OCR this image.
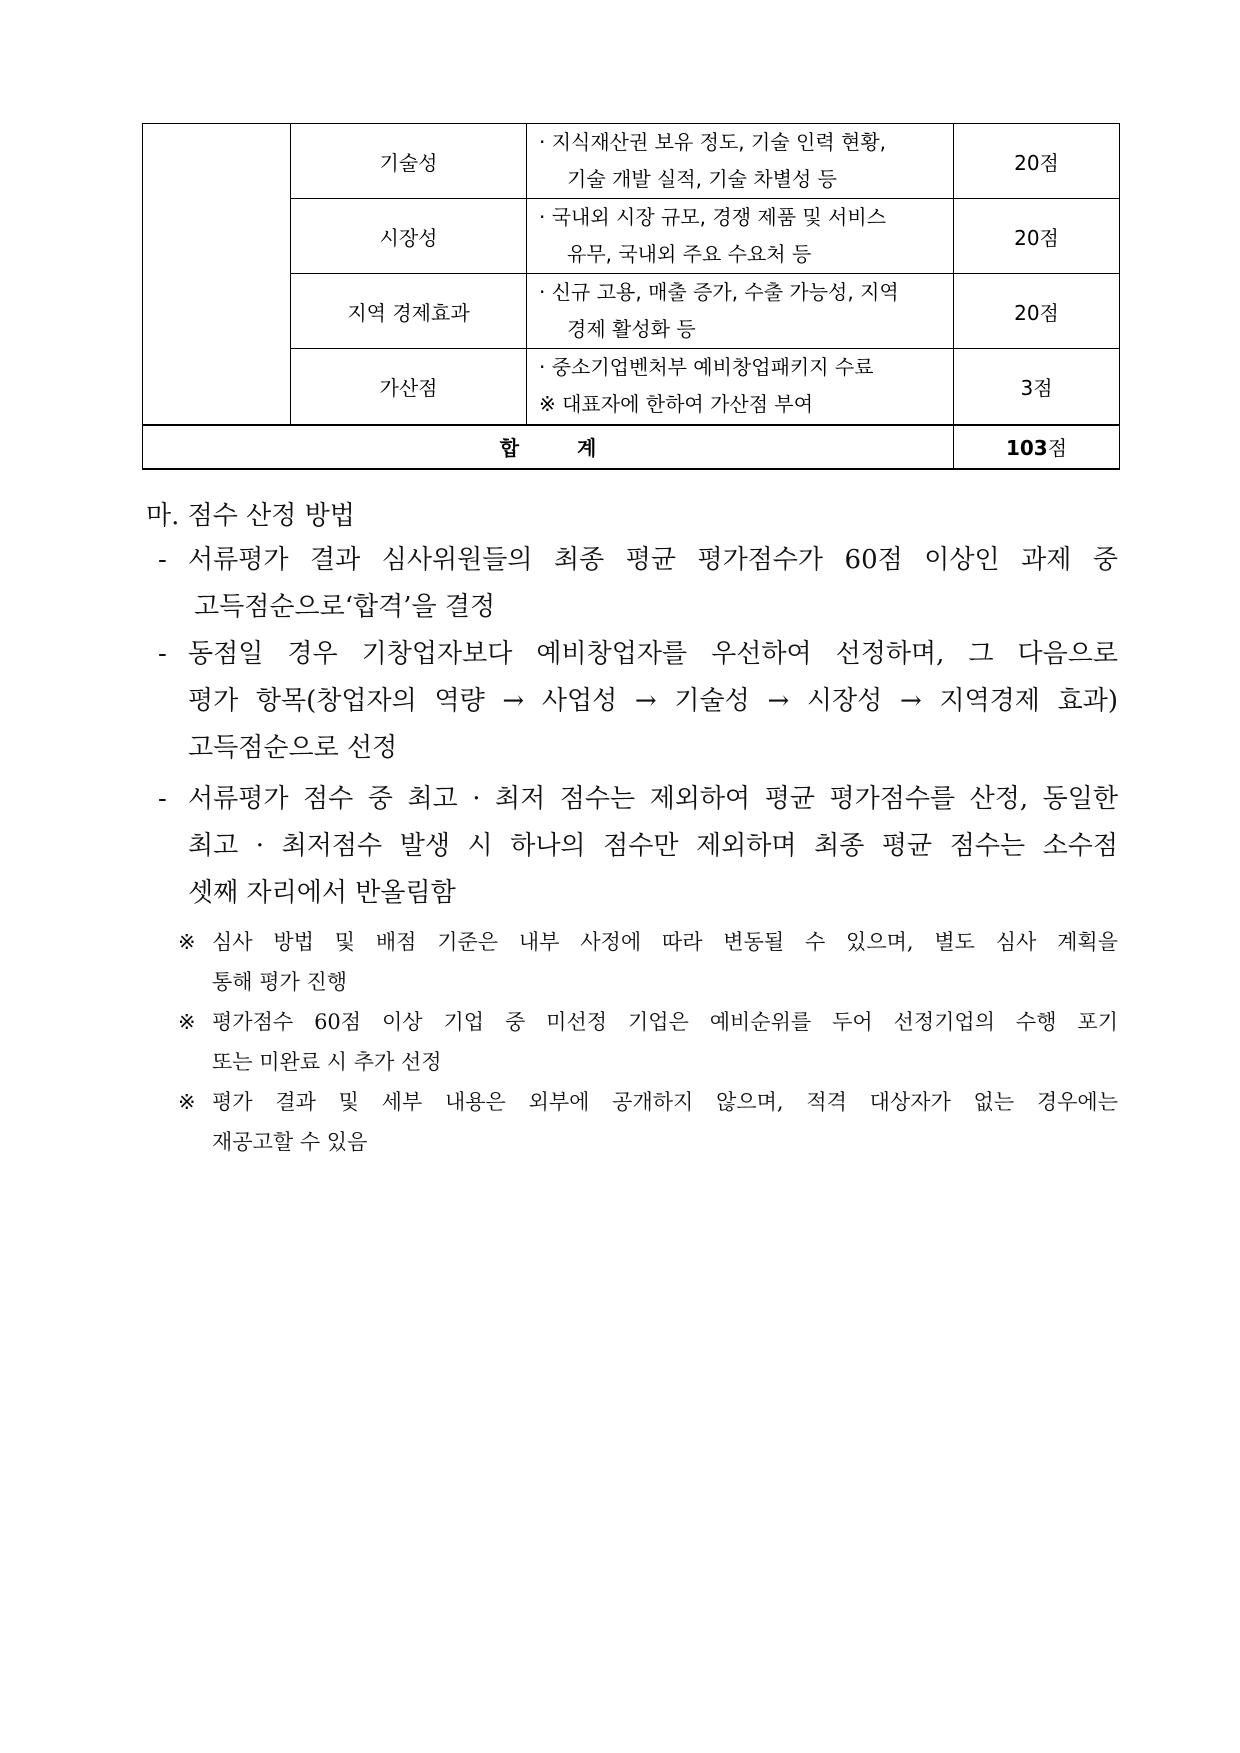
	기술성	· 지식재산권 보유 정도, 기술 인력 현황,
기술 개발 실적, 기술 차별성 등	20점
	시장성	· 국내외 시장 규모, 경쟁 제품 및 서비스
유무, 국내외 주요 수요처 등	20점
	지역 경제효과	· 신규 고용, 매출 증가, 수출 가능성, 지역
경제 활성화 등	20점
	가산점	· 중소기업벤처부 예비창업패키지 수료
※ 대표자에 한하여 가산점 부여	3점
합 계			103점
마. 점수 산정 방법
- 서류평가 결과 심사위원들의 최종 평균 평가점수가 60점 이상인 과제 중
고득점순으로‘합격’을 결정
- 동점일 경우 기창업자보다 예비창업자를 우선하여 선정하며, 그 다음으로
평가 항목(창업자의 역량 → 사업성 → 기술성 → 시장성 → 지역경제 효과)
고득점순으로 선정
- 서류평가 점수 중 최고 · 최저 점수는 제외하여 평균 평가점수를 산정, 동일한
최고 · 최저점수 발생 시 하나의 점수만 제외하며 최종 평균 점수는 소수점
셋째 자리에서 반올림함
※ 심사 방법 및 배점 기준은 내부 사정에 따라 변동될 수 있으며, 별도 심사 계획을
통해 평가 진행
※ 평가점수 60점 이상 기업 중 미선정 기업은 예비순위를 두어 선정기업의 수행 포기
또는 미완료 시 추가 선정
※ 평가 결과 및 세부 내용은 외부에 공개하지 않으며, 적격 대상자가 없는 경우에는
재공고할 수 있음
